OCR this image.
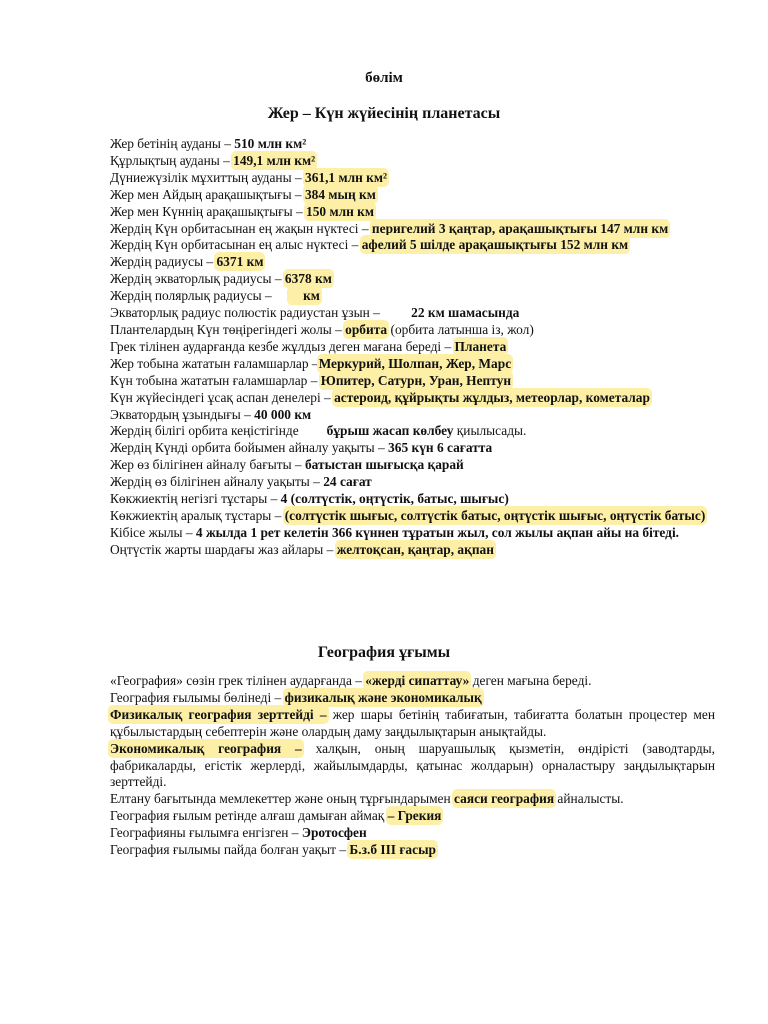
бөлім
Жер – Күн жүйесінің планетасы
Жер бетінің ауданы – 510 млн км²
Құрлықтың ауданы – 149,1 млн км²
Дүниежүзілік мұхиттың ауданы – 361,1 млн км²
Жер мен Айдың арақашықтығы – 384 мың км
Жер мен Күннің арақашықтығы – 150 млн км
Жердің Күн орбитасынан ең жақын нүктесі – перигелий 3 қаңтар, арақашықтығы 147 млн км
Жердің Күн орбитасынан ең алыс нүктесі – афелий 5 шілде арақашықтығы 152 млн км
Жердің радиусы – 6371 км
Жердің экваторлық радиусы – 6378 км
Жердің полярлық радиусы – км
Экваторлық радиус полюстік радиустан ұзын – 22 км шамасында
Плантелардың Күн төңірегіндегі жолы – орбита (орбита латынша із, жол)
Грек тілінен аударғанда кезбе жұлдыз деген мағана береді – Планета
Жер тобына жататын ғаламшарлар –Меркурий, Шолпан, Жер, Марс
Күн тобына жататын ғаламшарлар – Юпитер, Сатурн, Уран, Нептун
Күн жүйесіндегі ұсақ аспан денелері – астероид, құйрықты жұлдыз, метеорлар, кометалар
Экватордың ұзындығы – 40 000 км
Жердің білігі орбита кеңістігінде бұрыш жасап көлбеу қиылысады.
Жердің Күнді орбита бойымен айналу уақыты – 365 күн 6 сағатта
Жер өз білігінен айналу бағыты – батыстан шығысқа қарай
Жердің өз білігінен айналу уақыты – 24 сағат
Көкжиектің негізгі тұстары – 4 (солтүстік, оңтүстік, батыс, шығыс)
Көкжиектің аралық тұстары – (солтүстік шығыс, солтүстік батыс, оңтүстік шығыс, оңтүстік батыс)
Кібісе жылы – 4 жылда 1 рет келетін 366 күннен тұратын жыл, сол жылы ақпан айы на бітеді.
Оңтүстік жарты шардағы жаз айлары – желтоқсан, қаңтар, ақпан
География ұғымы
«География» сөзін грек тілінен аударғанда – «жерді сипаттау» деген мағына береді.
География ғылымы бөлінеді – физикалық және экономикалық
Физикалық география зерттейді – жер шары бетінің табиғатын, табиғатта болатын процестер мен құбылыстардың себептерін және олардың даму заңдылықтарын анықтайды.
Экономикалық география – халқын, оның шаруашылық қызметін, өндірісті (заводтарды, фабрикаларды, егістік жерлерді, жайылымдарды, қатынас жолдарын) орналастыру заңдылықтарын зерттейді.
Елтану бағытында мемлекеттер және оның тұрғындарымен саяси география айналысты.
География ғылым ретінде алғаш дамыған аймақ – Грекия
Географияны ғылымға енгізген – Эротосфен
География ғылымы пайда болған уақыт – Б.з.б ІІІ ғасыр
